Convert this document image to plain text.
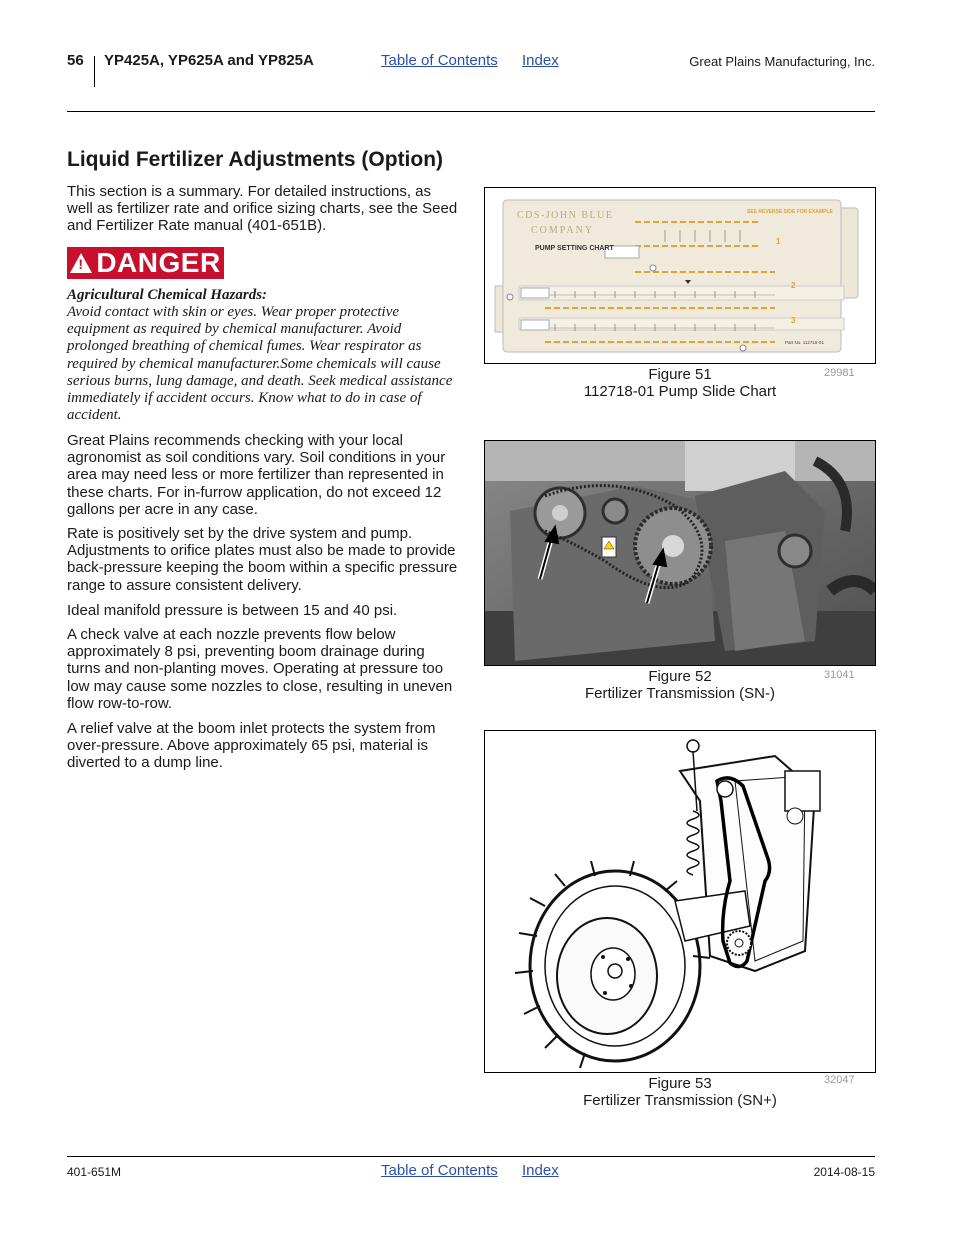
56 YP425A, YP625A and YP825A	Table of Contents Index	Great Plains Manufacturing, Inc.
Liquid Fertilizer Adjustments (Option)

This section is a summary. For detailed instructions, as well as fertilizer rate and orifice sizing charts, see the Seed and Fertilizer Rate manual (401-651B).

! DANGER
Agricultural Chemical Hazards:
Avoid contact with skin or eyes. Wear proper protective equipment as required by chemical manufacturer. Avoid prolonged breathing of chemical fumes. Wear respirator as required by chemical manufacturer.Some chemicals will cause serious burns, lung damage, and death. Seek medical assistance immediately if accident occurs. Know what to do in case of accident.

Great Plains recommends checking with your local agronomist as soil conditions vary. Soil conditions in your area may need less or more fertilizer than represented in these charts. For in-furrow application, do not exceed 12 gallons per acre in any case.

Rate is positively set by the drive system and pump. Adjustments to orifice plates must also be made to provide back-pressure keeping the boom within a specific pressure range to assure consistent delivery.

Ideal manifold pressure is between 15 and 40 psi.

A check valve at each nozzle prevents flow below approximately 8 psi, preventing boom drainage during turns and non-planting moves. Operating at pressure too low may cause some nozzles to close, resulting in uneven flow row-to-row.

A relief valve at the boom inlet protects the system from over-pressure. Above approximately 65 psi, material is diverted to a dump line.

1
2
3
CDS-JOHN BLUE
COMPANY
PUMP SETTING CHART
SEE REVERSE SIDE FOR EXAMPLE
Part No. 112718-01
Figure 51
112718-01 Pump Slide Chart
29981
Figure 52
Fertilizer Transmission (SN-)
31041
Figure 53
Fertilizer Transmission (SN+)
32047
401-651M	Table of Contents Index	2014-08-15
